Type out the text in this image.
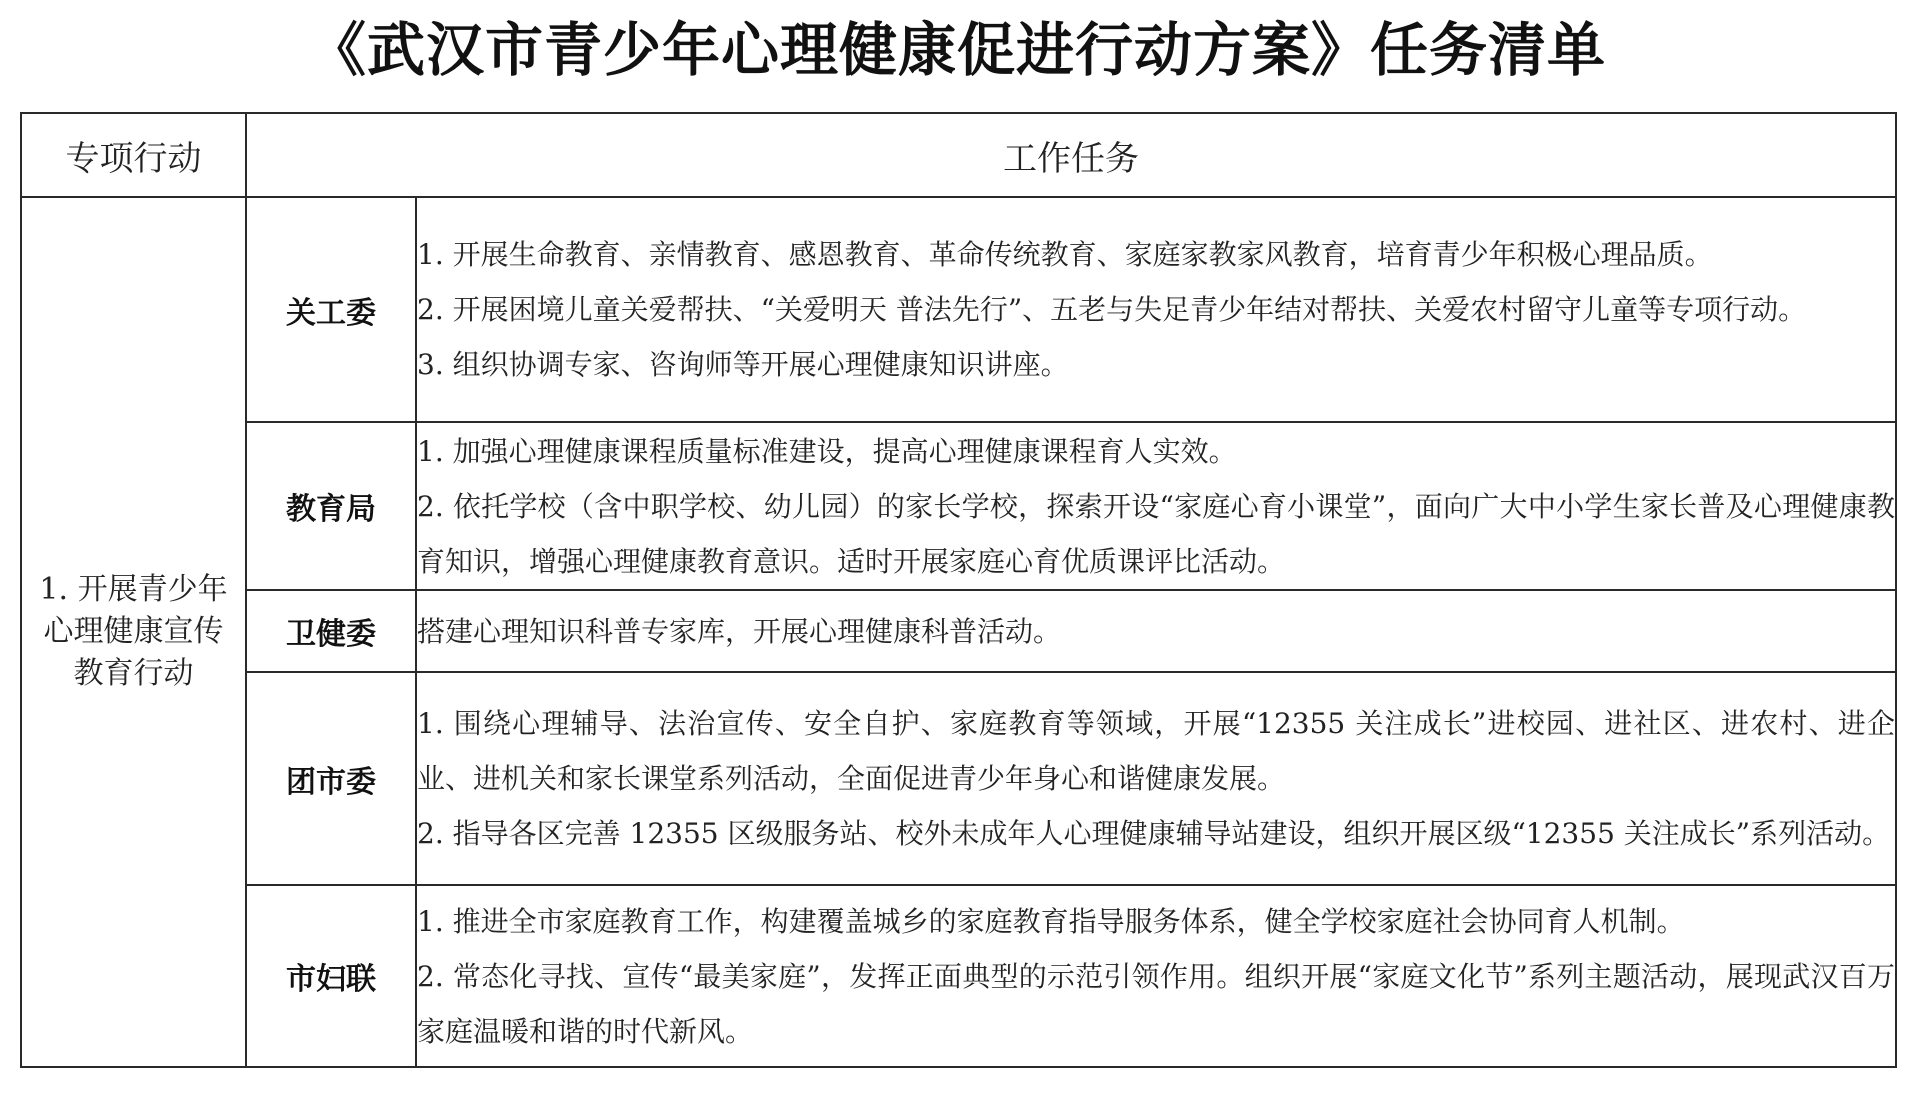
《武汉市青少年心理健康促进行动方案》任务清单
专项行动	工作任务	
1. 开展青少年心理健康宣传教育行动	关工委	1. 开展生命教育、亲情教育、感恩教育、革命传统教育、家庭家教家风教育，培育青少年积极心理品质。
2. 开展困境儿童关爱帮扶、“关爱明天 普法先行”、五老与失足青少年结对帮扶、关爱农村留守儿童等专项行动。
3. 组织协调专家、咨询师等开展心理健康知识讲座。

	教育局	1. 加强心理健康课程质量标准建设，提高心理健康课程育人实效。
2. 依托学校（含中职学校、幼儿园）的家长学校，探索开设“家庭心育小课堂”，面向广大中小学生家长普及心理健康教育知识，增强心理健康教育意识。适时开展家庭心育优质课评比活动。

	卫健委	搭建心理知识科普专家库，开展心理健康科普活动。

	团市委	1. 围绕心理辅导、法治宣传、安全自护、家庭教育等领域，开展“12355 关注成长”进校园、进社区、进农村、进企业、进机关和家长课堂系列活动，全面促进青少年身心和谐健康发展。
2. 指导各区完善 12355 区级服务站、校外未成年人心理健康辅导站建设，组织开展区级“12355 关注成长”系列活动。

	市妇联	1. 推进全市家庭教育工作，构建覆盖城乡的家庭教育指导服务体系，健全学校家庭社会协同育人机制。
2. 常态化寻找、宣传“最美家庭”，发挥正面典型的示范引领作用。组织开展“家庭文化节”系列主题活动，展现武汉百万家庭温暖和谐的时代新风。
